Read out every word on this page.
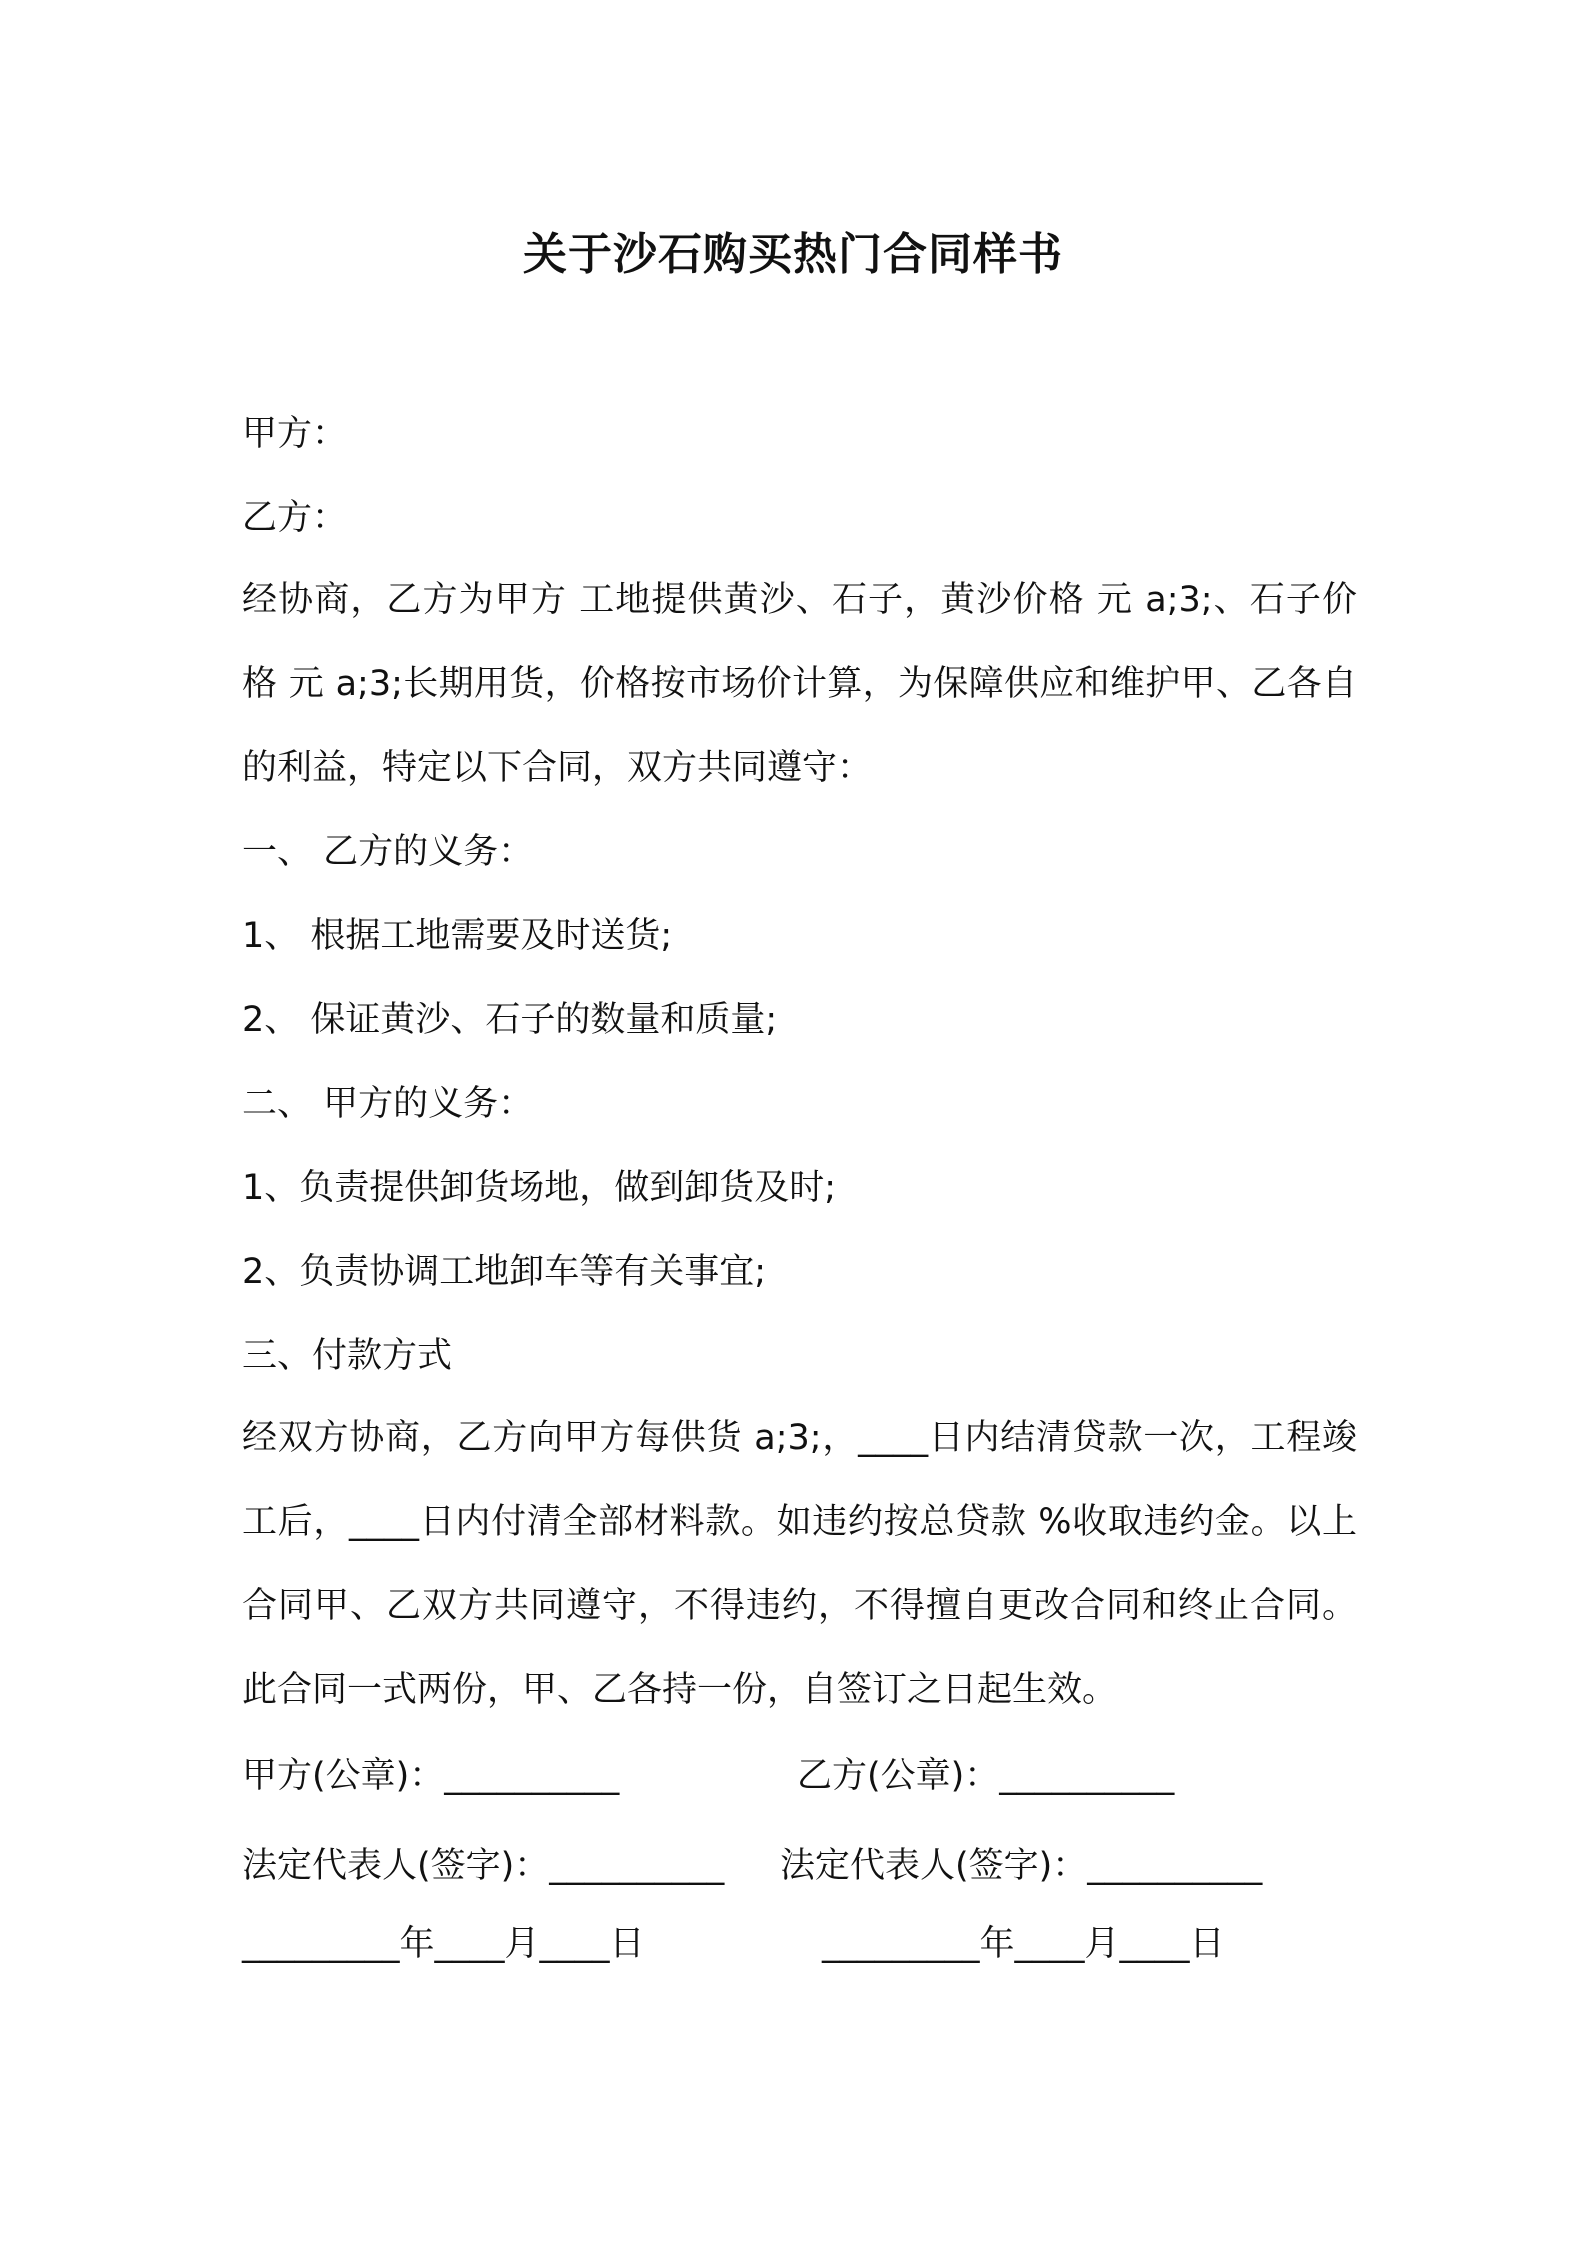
关于沙石购买热门合同样书
甲方：
乙方：
经协商，乙方为甲方 工地提供黄沙、石子，黄沙价格 元 a;3;、石子价格 元 a;3;长期用货，价格按市场价计算，为保障供应和维护甲、乙各自的利益，特定以下合同，双方共同遵守：
一、 乙方的义务：
1、 根据工地需要及时送货;
2、 保证黄沙、石子的数量和质量;
二、 甲方的义务：
1、负责提供卸货场地，做到卸货及时;
2、负责协调工地卸车等有关事宜;
三、付款方式
经双方协商，乙方向甲方每供货 a;3;，____日内结清贷款一次，工程竣工后，____日内付清全部材料款。如违约按总贷款 %收取违约金。以上合同甲、乙双方共同遵守，不得违约，不得擅自更改合同和终止合同。此合同一式两份，甲、乙各持一份，自签订之日起生效。
甲方(公章)：__________	乙方(公章)：__________
法定代表人(签字)：__________ 法定代表人(签字)：__________
_________年____月____日	_________年____月____日
